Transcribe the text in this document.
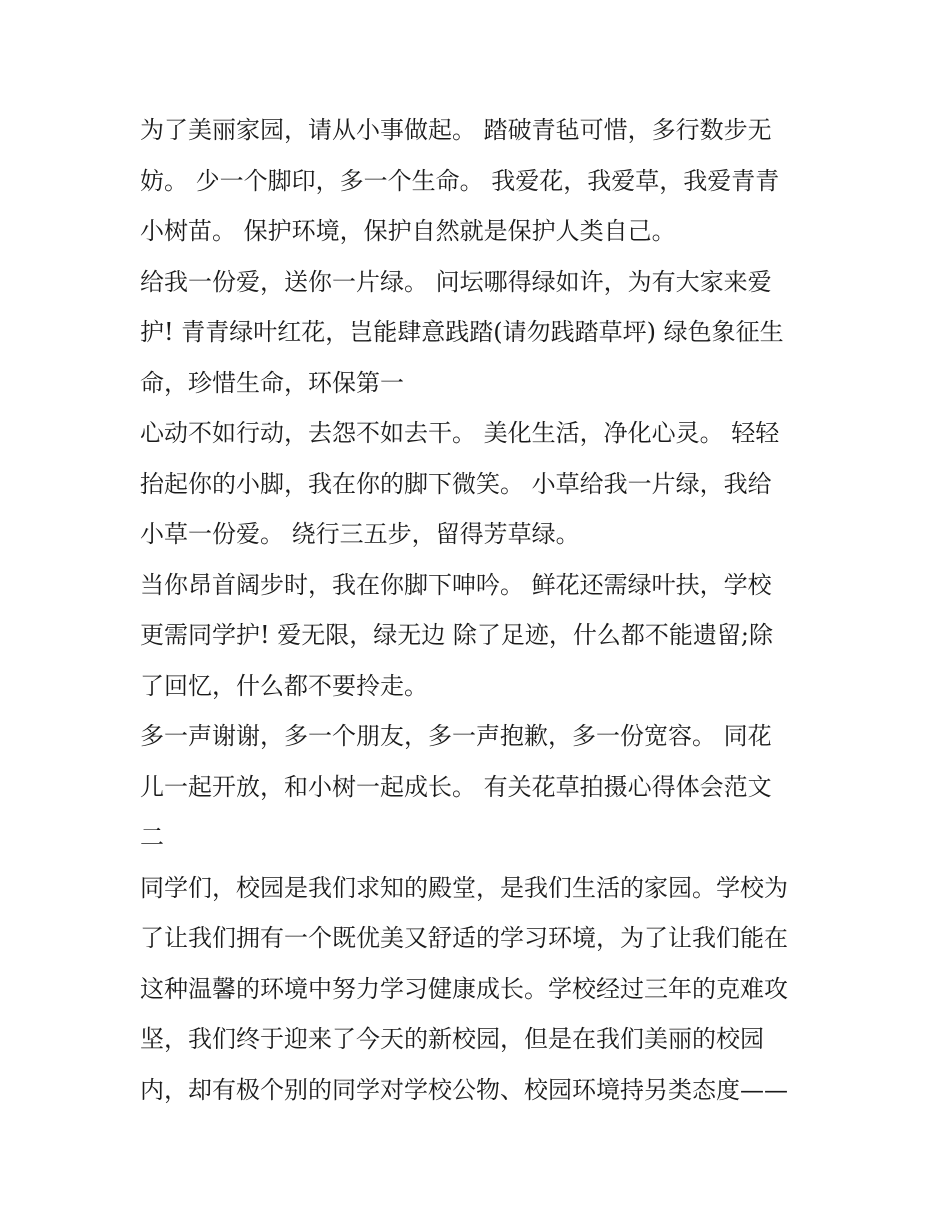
为了美丽家园，请从小事做起。 踏破青毡可惜，多行数步无
妨。 少一个脚印，多一个生命。 我爱花，我爱草，我爱青青
小树苗。 保护环境，保护自然就是保护人类自己。

给我一份爱，送你一片绿。 问坛哪得绿如许，为有大家来爱
护! 青青绿叶红花，岂能肆意践踏(请勿践踏草坪) 绿色象征生
命，珍惜生命，环保第一

心动不如行动，去怨不如去干。 美化生活，净化心灵。 轻轻
抬起你的小脚，我在你的脚下微笑。 小草给我一片绿，我给
小草一份爱。 绕行三五步，留得芳草绿。

当你昂首阔步时，我在你脚下呻吟。 鲜花还需绿叶扶，学校
更需同学护! 爱无限，绿无边 除了足迹，什么都不能遗留;除
了回忆，什么都不要拎走。

多一声谢谢，多一个朋友，多一声抱歉，多一份宽容。 同花
儿一起开放，和小树一起成长。 有关花草拍摄心得体会范文
二

同学们，校园是我们求知的殿堂，是我们生活的家园。学校为
了让我们拥有一个既优美又舒适的学习环境，为了让我们能在
这种温馨的环境中努力学习健康成长。学校经过三年的克难攻
坚，我们终于迎来了今天的新校园，但是在我们美丽的校园
内，却有极个别的同学对学校公物、校园环境持另类态度——
